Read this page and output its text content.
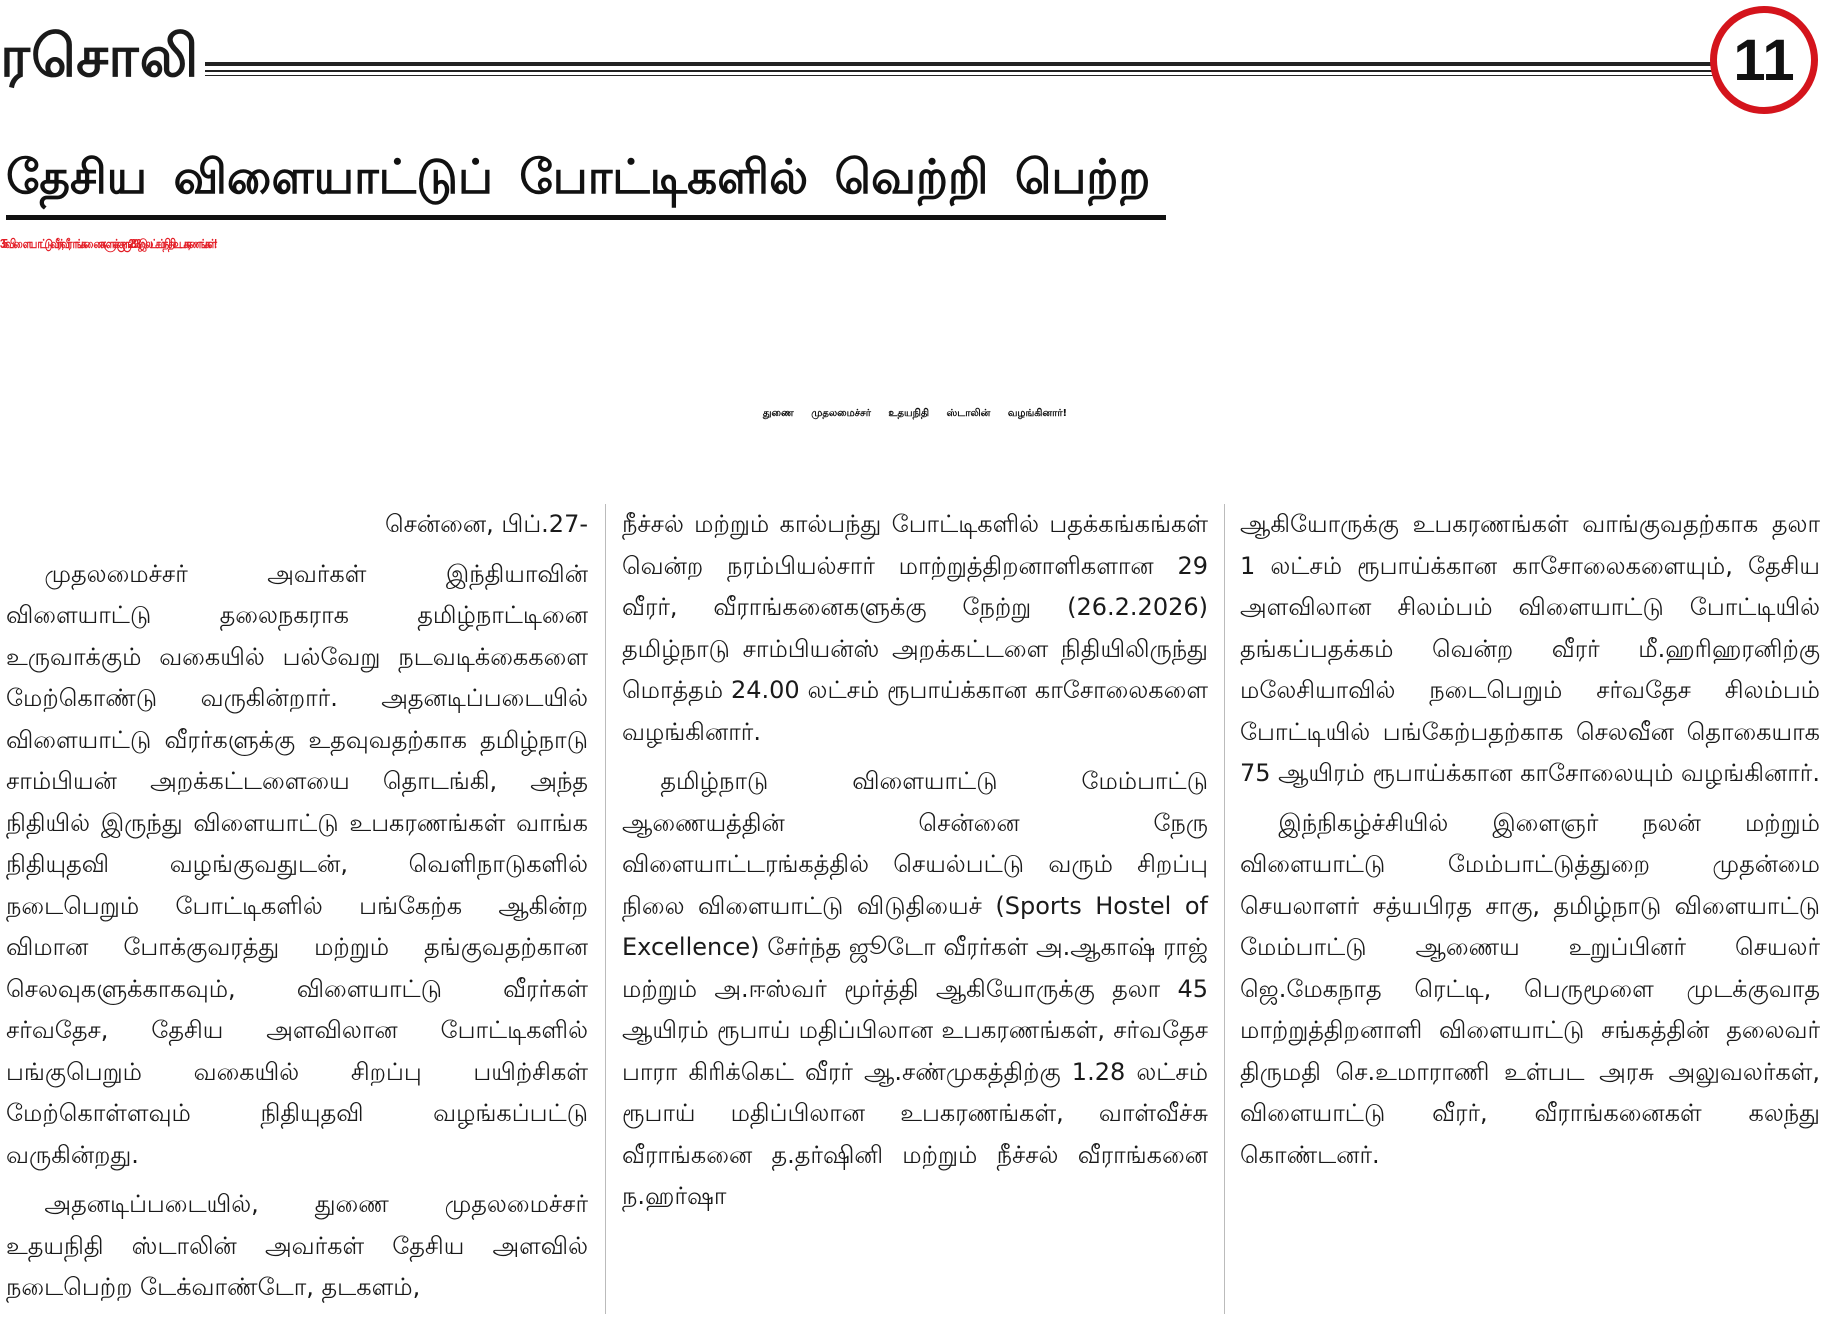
ரசொலி	11
தேசிய விளையாட்டுப் போட்டிகளில் வெற்றி பெற்ற
35 விளையாட்டு வீரர், வீராங்கனைகளுக்கு ரூ.28.93 இலட்சம் நிதி - உபகரணங்கள்!
துணை முதலமைச்சர் உதயநிதி ஸ்டாலின் வழங்கினார்!

சென்னை, பிப்.27-

முதலமைச்சர் அவர்கள் இந்தியாவின் விளையாட்டு தலைநகராக தமிழ்நாட்டினை உருவாக்கும் வகையில் பல்வேறு நடவடிக்கைகளை மேற்கொண்டு வருகின்றார். அதனடிப்படையில் விளையாட்டு வீரர்களுக்கு உதவுவதற்காக தமிழ்நாடு சாம்பியன் அறக்கட்டளையை தொடங்கி, அந்த நிதியில் இருந்து விளையாட்டு உபகரணங்கள் வாங்க நிதியுதவி வழங்குவதுடன், வெளிநாடுகளில் நடைபெறும் போட்டிகளில் பங்கேற்க ஆகின்ற விமான போக்குவரத்து மற்றும் தங்குவதற்கான செலவுகளுக்காகவும், விளையாட்டு வீரர்கள் சர்வதேச, தேசிய அளவிலான போட்டிகளில் பங்குபெறும் வகையில் சிறப்பு பயிற்சிகள் மேற்கொள்ளவும் நிதியுதவி வழங்கப்பட்டு வருகின்றது.

அதனடிப்படையில், துணை முதலமைச்சர் உதயநிதி ஸ்டாலின் அவர்கள் தேசிய அளவில் நடைபெற்ற டேக்வாண்டோ, தடகளம்,

நீச்சல் மற்றும் கால்பந்து போட்டிகளில் பதக்கங்கங்கள் வென்ற நரம்பியல்சார் மாற்றுத்திறனாளிகளான 29 வீரர், வீராங்கனைகளுக்கு நேற்று (26.2.2026) தமிழ்நாடு சாம்பியன்ஸ் அறக்கட்டளை நிதியிலிருந்து மொத்தம் 24.00 லட்சம் ரூபாய்க்கான காசோலைகளை வழங்கினார்.

தமிழ்நாடு விளையாட்டு மேம்பாட்டு ஆணையத்தின் சென்னை நேரு விளையாட்டரங்கத்தில் செயல்பட்டு வரும் சிறப்பு நிலை விளையாட்டு விடுதியைச் (Sports Hostel of Excellence) சேர்ந்த ஜூடோ வீரர்கள் அ.ஆகாஷ் ராஜ் மற்றும் அ.ஈஸ்வர் மூர்த்தி ஆகியோருக்கு தலா 45 ஆயிரம் ரூபாய் மதிப்பிலான உபகரணங்கள், சர்வதேச பாரா கிரிக்கெட் வீரர் ஆ.சண்முகத்திற்கு 1.28 லட்சம் ரூபாய் மதிப்பிலான உபகரணங்கள், வாள்வீச்சு வீராங்கனை த.தர்ஷினி மற்றும் நீச்சல் வீராங்கனை ந.ஹர்ஷா

ஆகியோருக்கு உபகரணங்கள் வாங்குவதற்காக தலா 1 லட்சம் ரூபாய்க்கான காசோலைகளையும், தேசிய அளவிலான சிலம்பம் விளையாட்டு போட்டியில் தங்கப்பதக்கம் வென்ற வீரர் மீ.ஹரிஹரனிற்கு மலேசியாவில் நடைபெறும் சர்வதேச சிலம்பம் போட்டியில் பங்கேற்பதற்காக செலவீன தொகையாக 75 ஆயிரம் ரூபாய்க்கான காசோலையும் வழங்கினார்.

இந்நிகழ்ச்சியில் இளைஞர் நலன் மற்றும் விளையாட்டு மேம்பாட்டுத்துறை முதன்மை செயலாளர் சத்யபிரத சாகு, தமிழ்நாடு விளையாட்டு மேம்பாட்டு ஆணைய உறுப்பினர் செயலர் ஜெ.மேகநாத ரெட்டி, பெருமூளை முடக்குவாத மாற்றுத்திறனாளி விளையாட்டு சங்கத்தின் தலைவர் திருமதி செ.உமாராணி உள்பட அரசு அலுவலர்கள், விளையாட்டு வீரர், வீராங்கனைகள் கலந்து கொண்டனர்.
